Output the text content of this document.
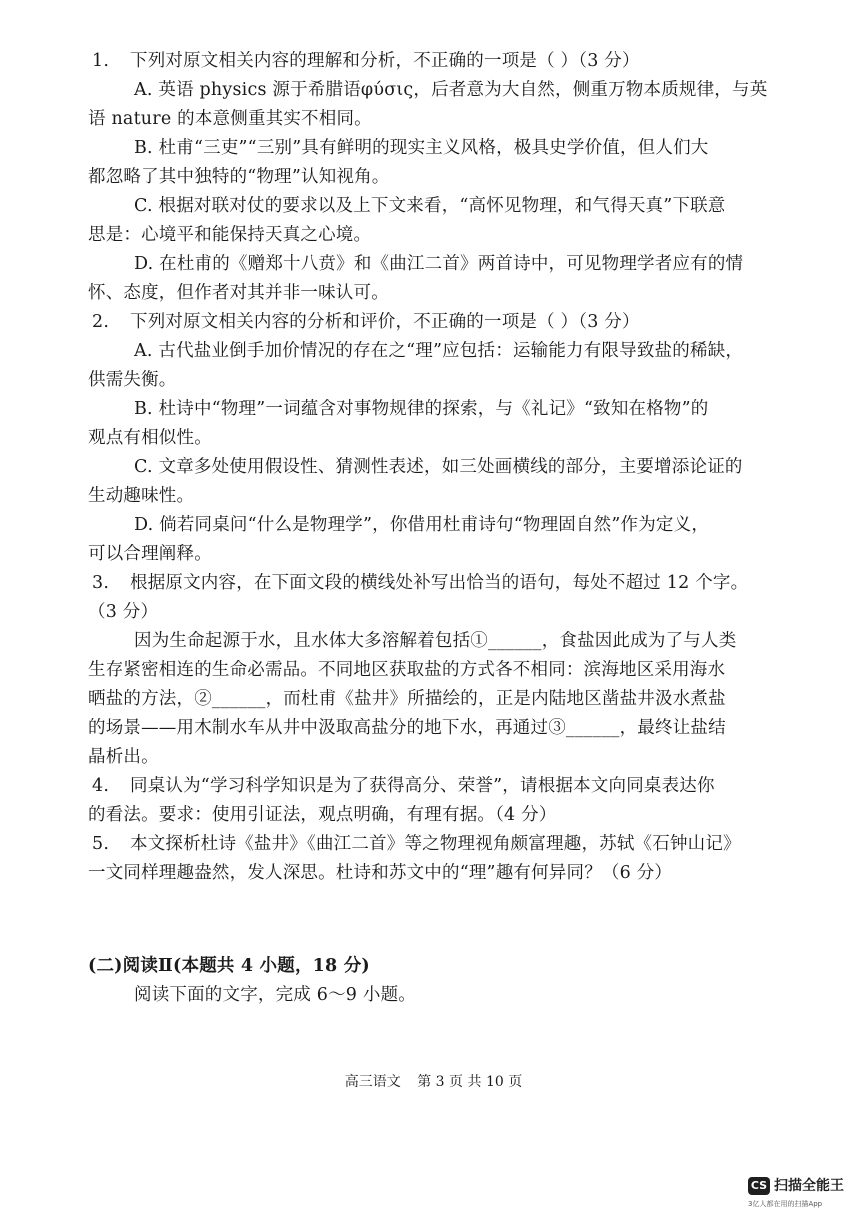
1. 下列对原文相关内容的理解和分析，不正确的一项是（ ）（3 分）
A. 英语 physics 源于希腊语φύσις，后者意为大自然，侧重万物本质规律，与英
语 nature 的本意侧重其实不相同。
B. 杜甫“三吏”“三别”具有鲜明的现实主义风格，极具史学价值，但人们大
都忽略了其中独特的“物理”认知视角。
C. 根据对联对仗的要求以及上下文来看，“高怀见物理，和气得天真”下联意
思是：心境平和能保持天真之心境。
D. 在杜甫的《赠郑十八贲》和《曲江二首》两首诗中，可见物理学者应有的情
怀、态度，但作者对其并非一味认可。
2. 下列对原文相关内容的分析和评价，不正确的一项是（ ）（3 分）
A. 古代盐业倒手加价情况的存在之“理”应包括：运输能力有限导致盐的稀缺，
供需失衡。
B. 杜诗中“物理”一词蕴含对事物规律的探索，与《礼记》“致知在格物”的
观点有相似性。
C. 文章多处使用假设性、猜测性表述，如三处画横线的部分，主要增添论证的
生动趣味性。
D. 倘若同桌问“什么是物理学”，你借用杜甫诗句“物理固自然”作为定义，
可以合理阐释。
3. 根据原文内容，在下面文段的横线处补写出恰当的语句，每处不超过 12 个字。
（3 分）
因为生命起源于水，且水体大多溶解着包括①______，食盐因此成为了与人类
生存紧密相连的生命必需品。不同地区获取盐的方式各不相同：滨海地区采用海水
晒盐的方法，②______，而杜甫《盐井》所描绘的，正是内陆地区凿盐井汲水煮盐
的场景——用木制水车从井中汲取高盐分的地下水，再通过③______，最终让盐结
晶析出。
4. 同桌认为“学习科学知识是为了获得高分、荣誉”，请根据本文向同桌表达你
的看法。要求：使用引证法，观点明确，有理有据。（4 分）
5. 本文探析杜诗《盐井》《曲江二首》等之物理视角颇富理趣，苏轼《石钟山记》
一文同样理趣盎然，发人深思。杜诗和苏文中的“理”趣有何异同？（6 分）
(二)阅读Ⅱ(本题共 4 小题，18 分)
阅读下面的文字，完成 6～9 小题。
高三语文 第 3 页 共 10 页
CS 扫描全能王
3亿人都在用的扫描App
